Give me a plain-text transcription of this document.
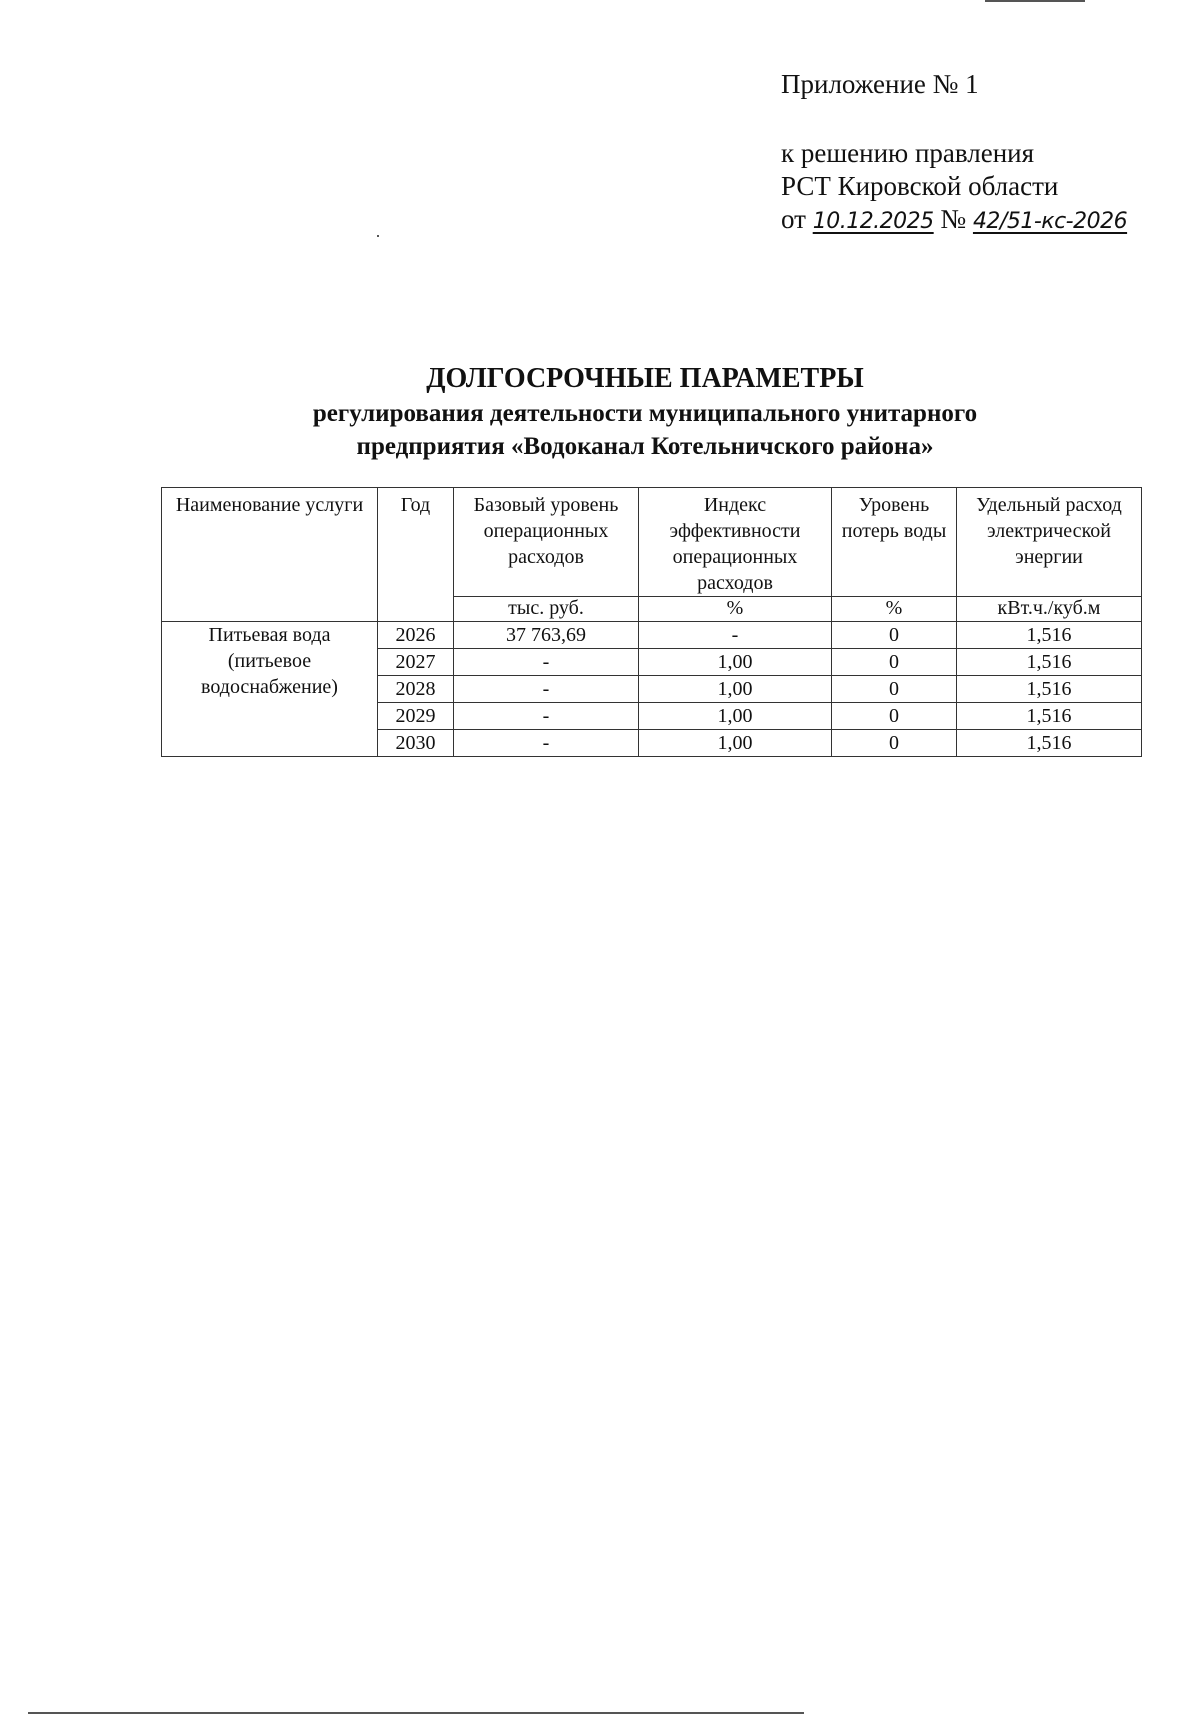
Приложение № 1
к решению правления
РСТ Кировской области
от 10.12.2025 № 42/51-кс-2026
ДОЛГОСРОЧНЫЕ ПАРАМЕТРЫ
регулирования деятельности муниципального унитарного
предприятия «Водоканал Котельничского района»
Наименование услуги	Год	Базовый уровень операционных расходов	Индекс эффективности операционных расходов	Уровень потерь воды	Удельный расход электрической энергии
		тыс. руб.	%	%	кВт.ч./куб.м
Питьевая вода (питьевое водоснабжение)	2026	37 763,69	-	0	1,516
	2027	-	1,00	0	1,516
	2028	-	1,00	0	1,516
	2029	-	1,00	0	1,516
	2030	-	1,00	0	1,516
